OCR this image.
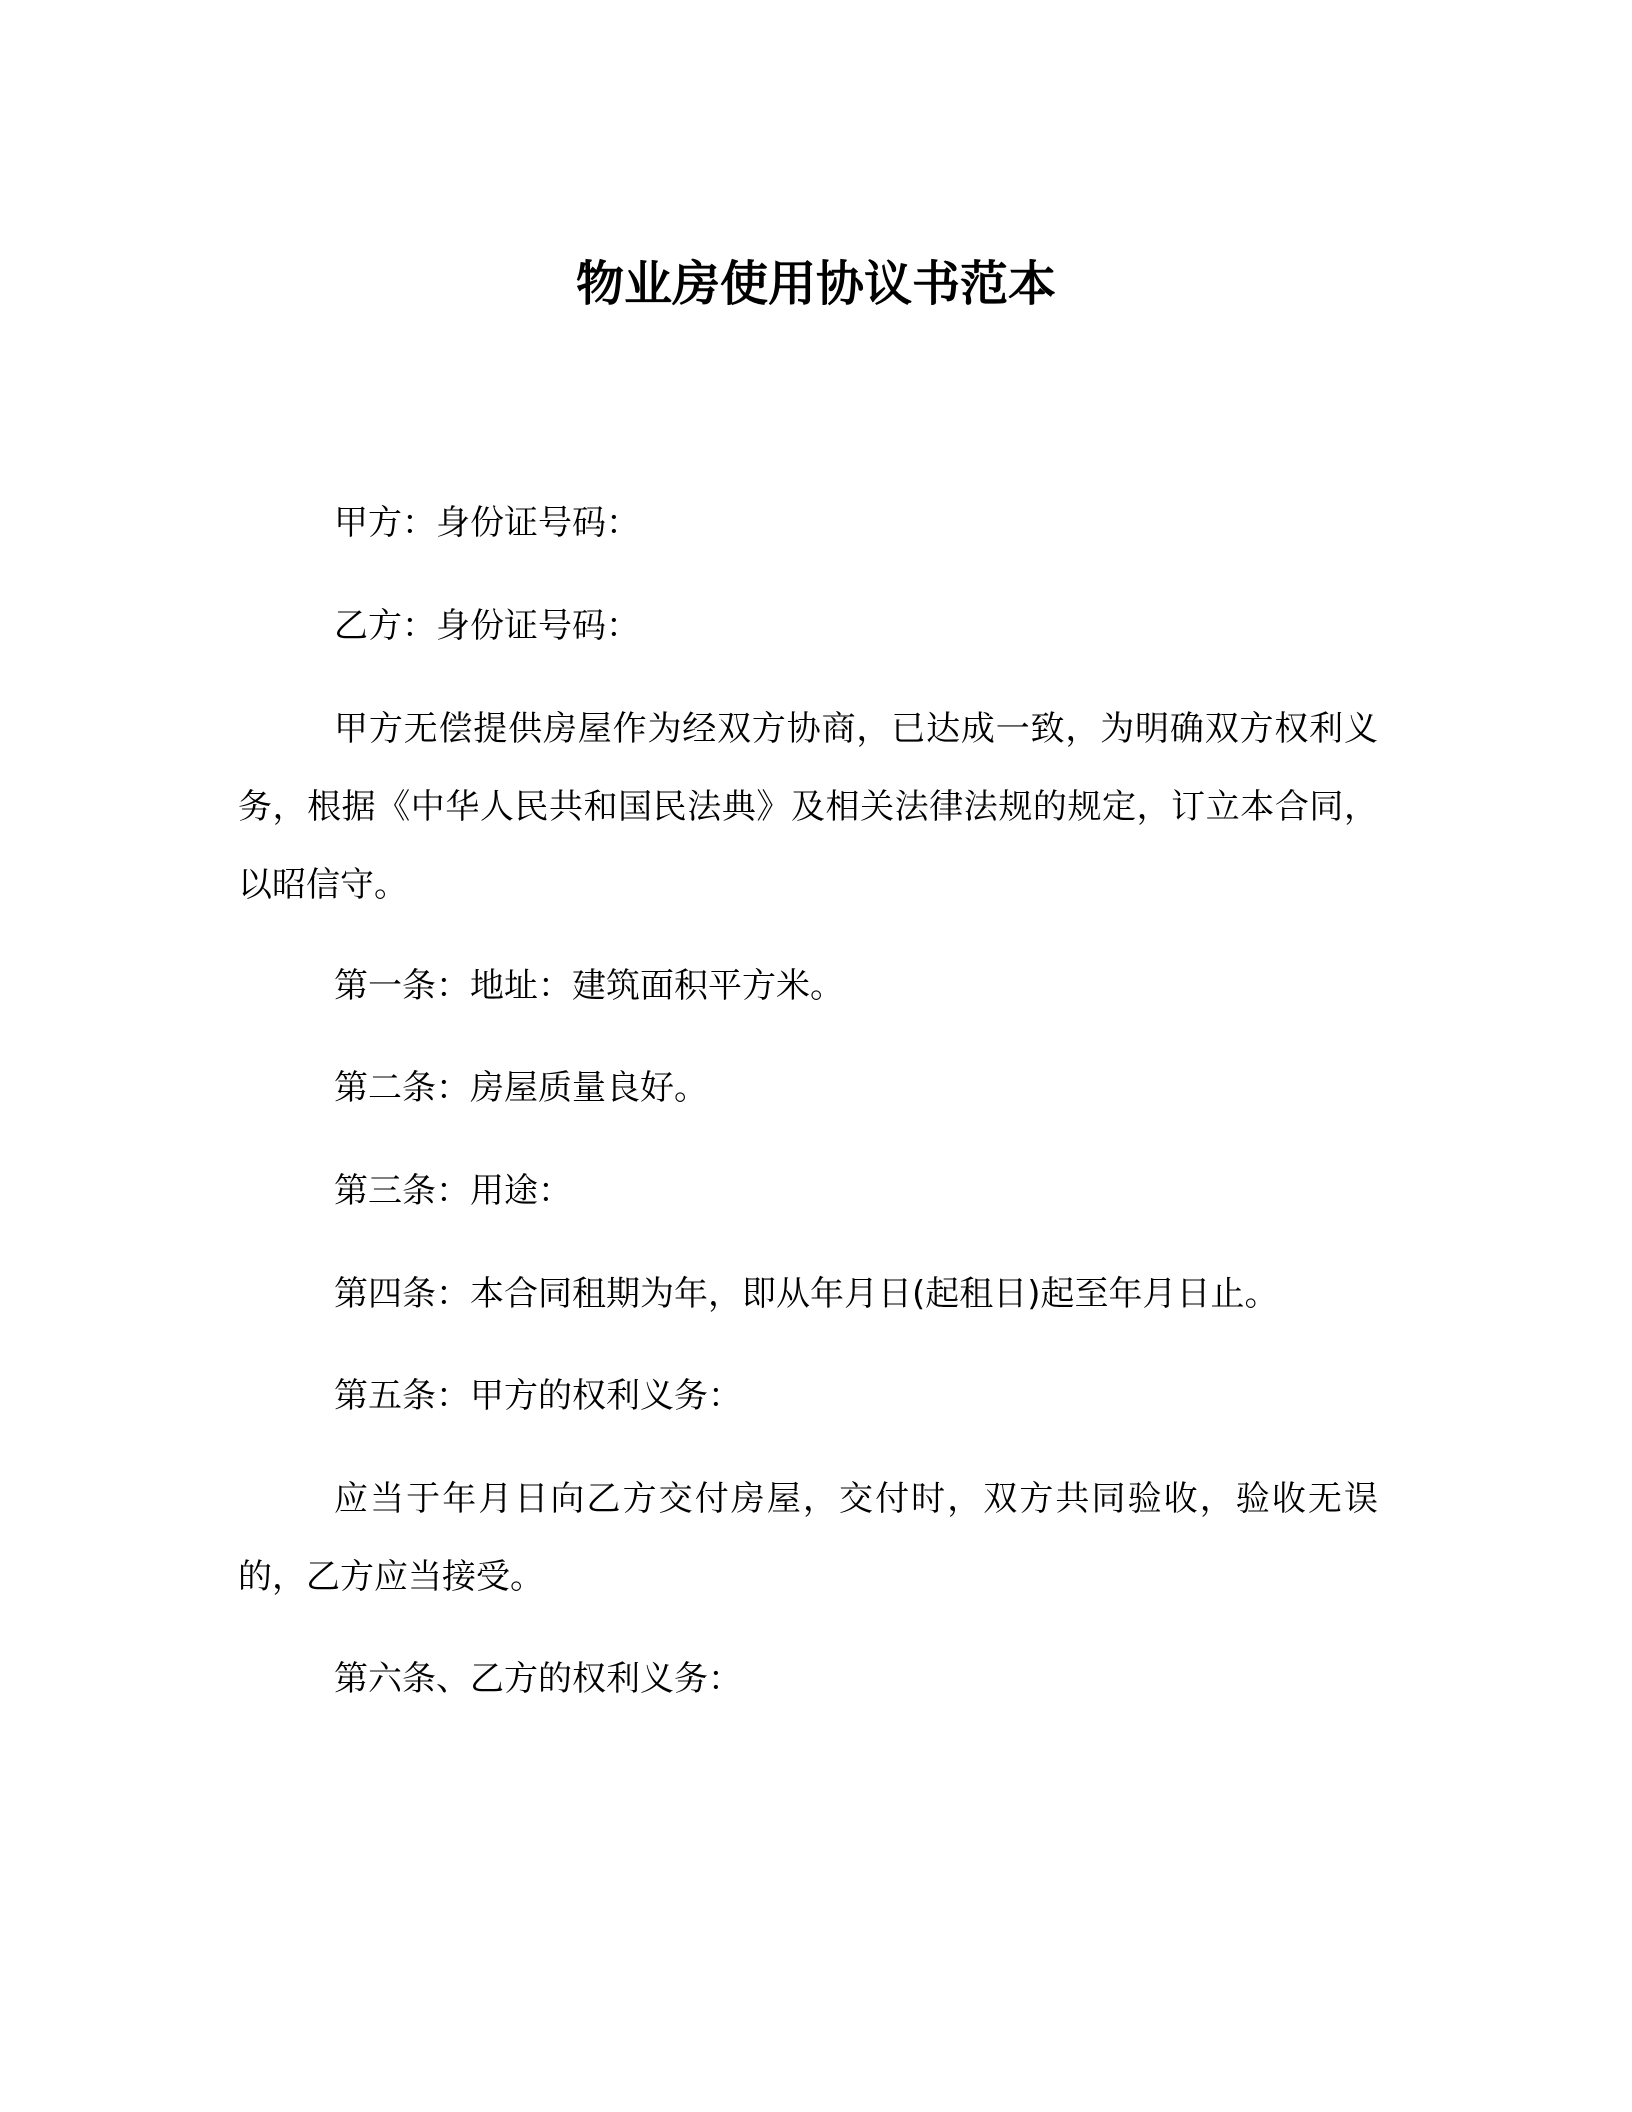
物业房使用协议书范本

甲方：身份证号码：

乙方：身份证号码：

甲方无偿提供房屋作为经双方协商，已达成一致，为明确双方权利义务，根据《中华人民共和国民法典》及相关法律法规的规定，订立本合同，以昭信守。

第一条：地址：建筑面积平方米。

第二条：房屋质量良好。

第三条：用途：

第四条：本合同租期为年，即从年月日(起租日)起至年月日止。

第五条：甲方的权利义务：

应当于年月日向乙方交付房屋，交付时，双方共同验收，验收无误的，乙方应当接受。

第六条、乙方的权利义务：
